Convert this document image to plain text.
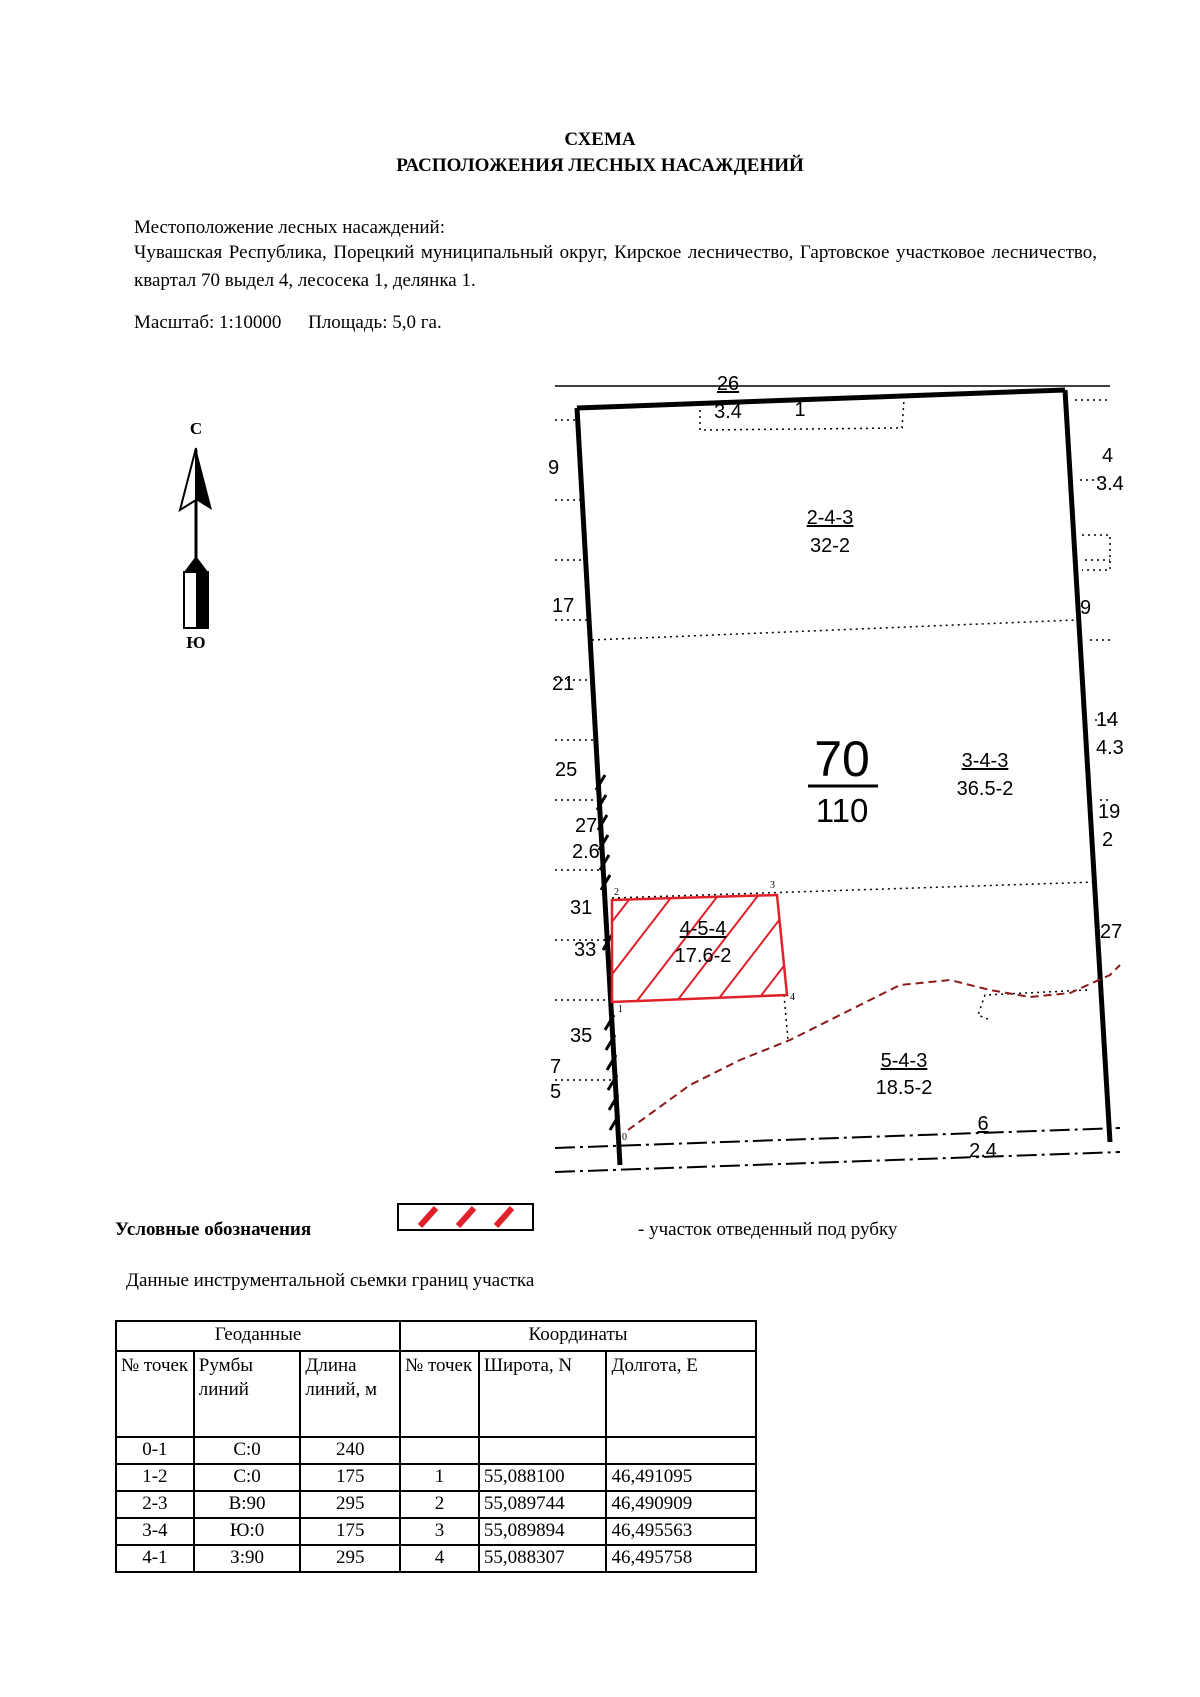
СХЕМА
РАСПОЛОЖЕНИЯ ЛЕСНЫХ НАСАЖДЕНИЙ
Местоположение лесных насаждений:
Чувашская Республика, Порецкий муниципальный округ, Кирское лесничество, Гартовское участковое лесничество, квартал 70 выдел 4, лесосека 1, делянка 1.
Масштаб: 1:10000 Площадь: 5,0 га.
С
Ю
0
1
2
3
4
70
110
2-4-3
32-2
3-4-3
36.5-2
4-5-4
17.6-2
5-4-3
18.5-2
6
2.4
26
3.4	1
9
17
21
25
27
2.6
31
33
35
7
5
4
3.4
9
14
4.3
19
2
27
Условные обозначения	- участок отведенный под рубку
Данные инструментальной сьемки границ участка
Геоданные			Координаты		
№ точек	Румбы линий	Длина линий, м	№ точек	Широта, N	Долгота, Е
0-1	С:0	240			
1-2	С:0	175	1	55,088100	46,491095
2-3	В:90	295	2	55,089744	46,490909
3-4	Ю:0	175	3	55,089894	46,495563
4-1	З:90	295	4	55,088307	46,495758
